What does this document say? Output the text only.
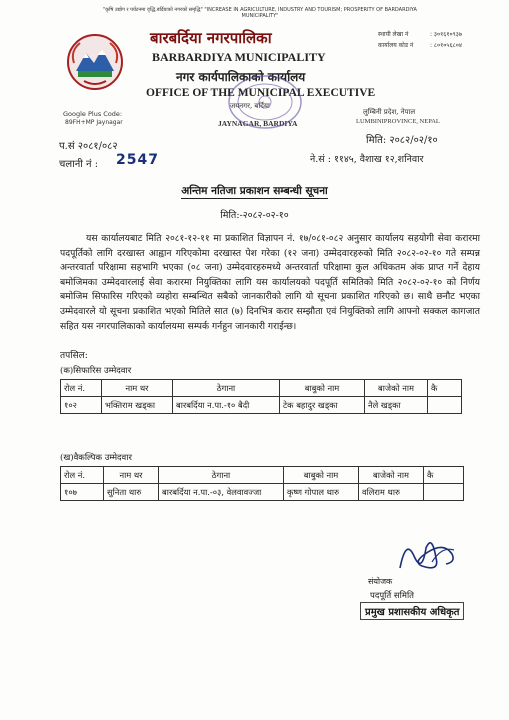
"कृषि उद्योग र पर्यटनमा वृद्धि,बर्दियाको नगरको समृद्धि" "INCREASE IN AGRICULTURE, INDUSTRY AND TOURISM; PROSPERITY OF BARDARDIYA MUNICIPALITY"
बारबर्दिया नगरपालिका
BARBARDIYA MUNICIPALITY
नगर कार्यपालिकाको कार्यालय
OFFICE OF THE MUNICIPAL EXECUTIVE
जयनगर, बर्दिया
JAYNAGAR, BARDIYA
Google Plus Code:
89FH+MP Jaynagar
स्थायी लेखा नं	: ३०१६१०९३७
कार्यालय कोड नं	: ८०१०५६८०४
लुम्बिनी प्रदेश, नेपाल
LUMBINIPROVINCE, NEPAL
प.सं २०८१/०८२
चलानी नं : 2547
मिति: २०८२/०२/१०
ने.सं : ११४५, वैशाख १२,शनिवार
अन्तिम नतिजा प्रकाशन सम्बन्धी सूचना
मिति:-२०८२-०२-१०

यस कार्यालयबाट मिति २०८१-१२-११ मा प्रकाशित विज्ञापन नं. १७/०८१-०८२ अनुसार कार्यालय सहयोगी सेवा करारमा पदपूर्तिको लागि दरखास्त आह्वान गरिएकोमा दरखास्त पेश गरेका (१२ जना) उम्मेदवारहरुको मिति २०८२-०२-१० गते सम्पन्न अन्तरवार्ता परिक्षामा सहभागि भएका (०८ जना) उम्मेदवारहरुमध्ये अन्तरवार्ता परिक्षामा कुल अधिकतम अंक प्राप्त गर्ने देहाय बमोजिमका उम्मेदवारलाई सेवा करारमा नियुक्तिका लागि यस कार्यालयको पदपूर्ति समितिको मिति २०८२-०२-१० को निर्णय बमोजिम सिफारिस गरिएको व्यहोरा सम्बन्धित सबैको जानकारीको लागि यो सूचना प्रकाशित गरिएको छ। साथै छनौट भएका उम्मेदवारले यो सूचना प्रकाशित भएको मितिले सात (७) दिनभित्र करार सम्झौता एवं नियुक्तिको लागि आफ्नो सक्कल कागजात सहित यस नगरपालिकाको कार्यालयमा सम्पर्क गर्नहुन जानकारी गराईन्छ।

तपसिल:
(क)सिफारिस उम्मेदवार
रोल नं.	नाम थर	ठेगाना	बाबुको नाम	बाजेको नाम	कै
१०२	भक्तिराम खड्का	बारबर्दिया न.पा.-१० बैदी	टेक बहादुर खड्का	नैले खड्का	
(ख)वैकल्पिक उम्मेदवार
रोल नं.	नाम थर	ठेगाना	बाबुको नाम	बाजेको नाम	कै
१०७	सुनिता थारु	बारबर्दिया न.पा.-०३, वेलवावज्जा	कृष्ण गोपाल थारु	वलिराम थारु	
संयोजक
पदपूर्ति समिति
प्रमुख प्रशासकीय अधिकृत
